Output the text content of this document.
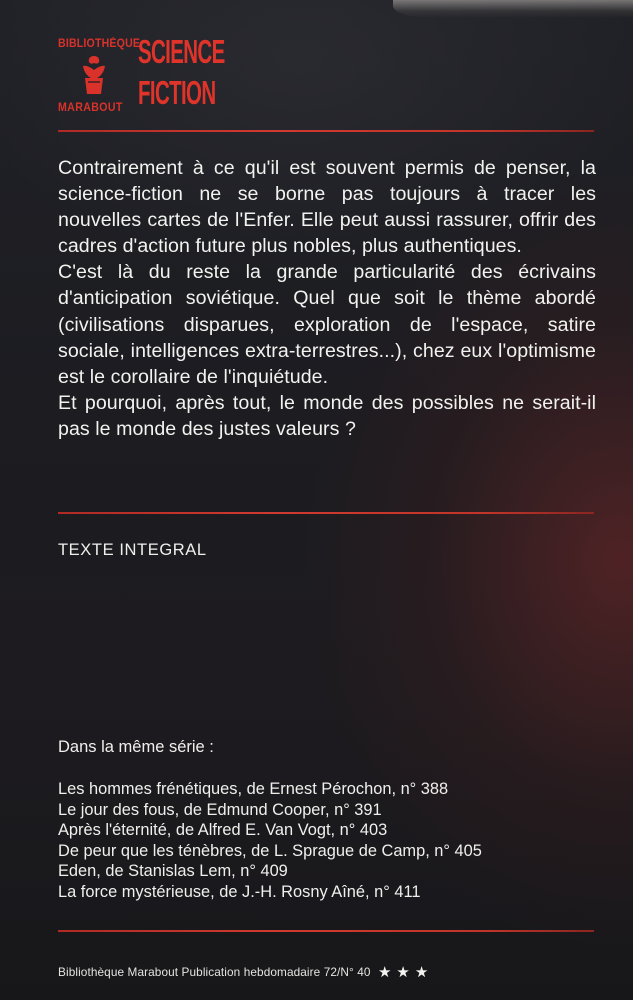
BIBLIOTHÈQUE
MARABOUT
SCIENCE
FICTION

Contrairement à ce qu'il est souvent permis de penser, la science-fiction ne se borne pas toujours à tracer les nouvelles cartes de l'Enfer. Elle peut aussi rassurer, offrir des cadres d'action future plus nobles, plus authentiques.

C'est là du reste la grande particularité des écrivains d'anticipation soviétique. Quel que soit le thème abordé (civilisations disparues, exploration de l'espace, satire sociale, intelligences extra-terrestres...), chez eux l'optimisme est le corollaire de l'inquiétude.

Et pourquoi, après tout, le monde des possibles ne serait-il pas le monde des justes valeurs ?

TEXTE INTEGRAL
Dans la même série :
Les hommes frénétiques, de Ernest Pérochon, n° 388
Le jour des fous, de Edmund Cooper, n° 391
Après l'éternité, de Alfred E. Van Vogt, n° 403
De peur que les ténèbres, de L. Sprague de Camp, n° 405
Eden, de Stanislas Lem, n° 409
La force mystérieuse, de J.-H. Rosny Aîné, n° 411
Bibliothèque Marabout Publication hebdomadaire 72/N° 40 ★★★
